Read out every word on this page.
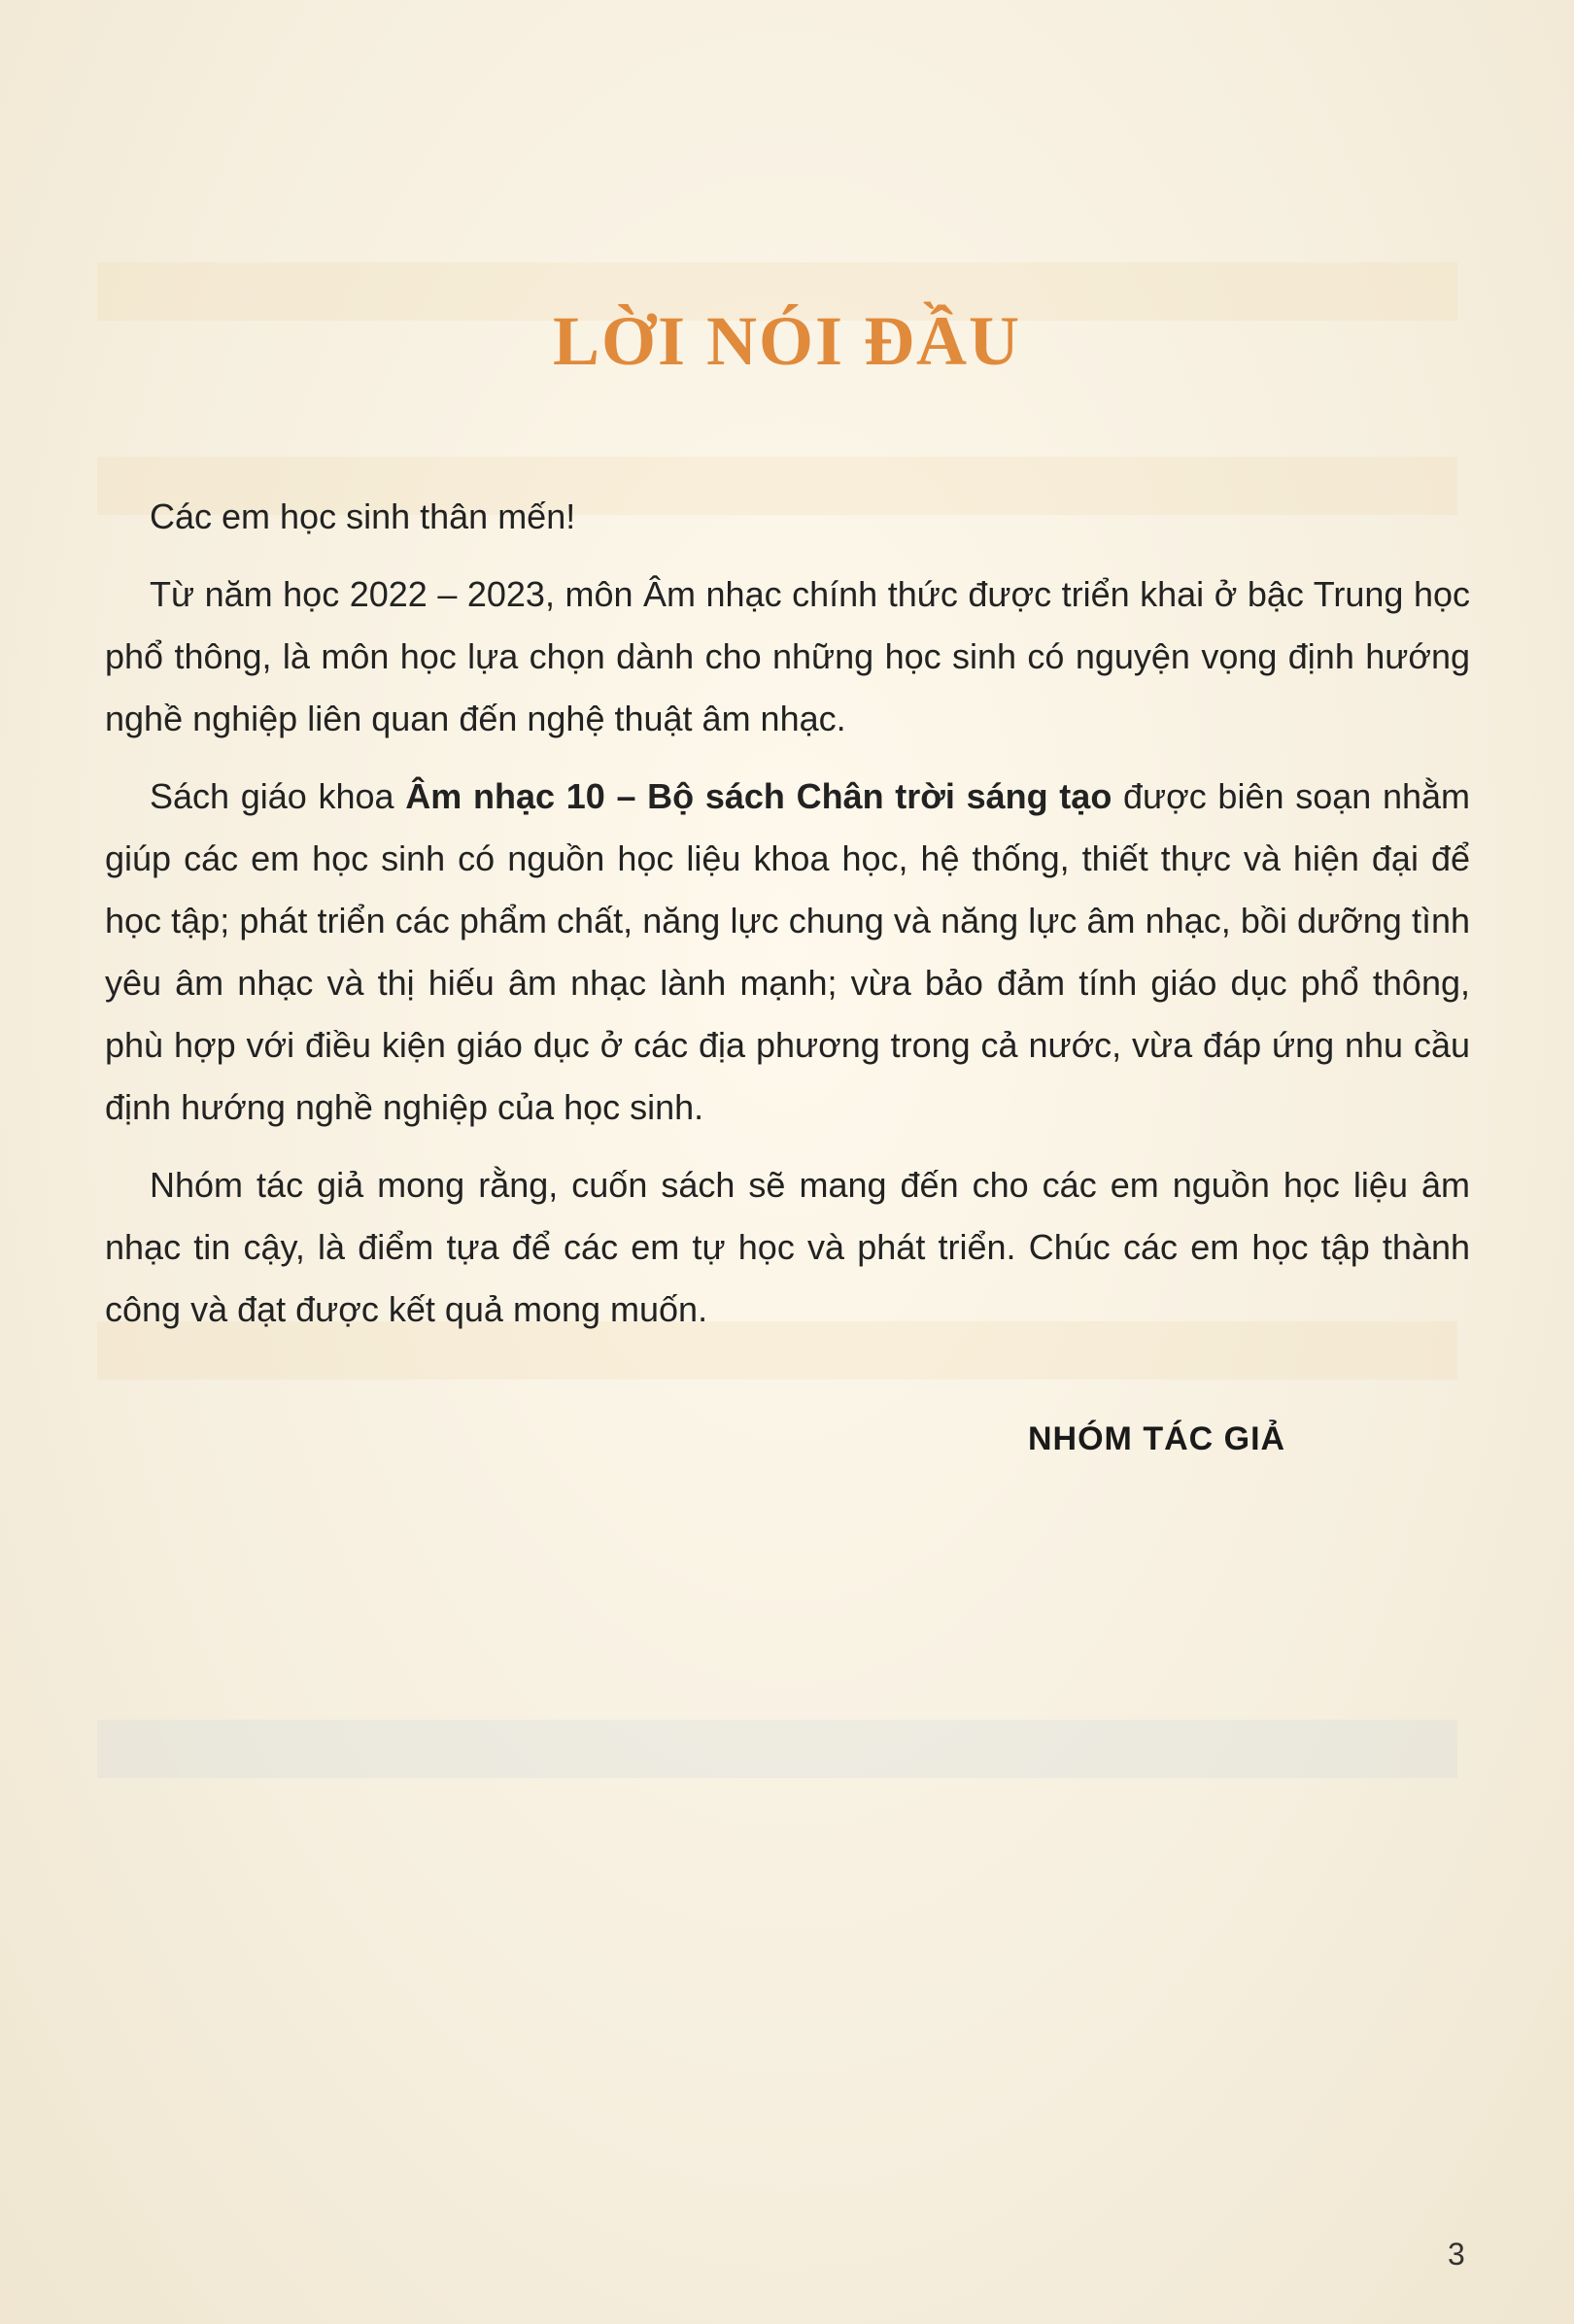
LỜI NÓI ĐẦU

Các em học sinh thân mến!

Từ năm học 2022 – 2023, môn Âm nhạc chính thức được triển khai ở bậc Trung học phổ thông, là môn học lựa chọn dành cho những học sinh có nguyện vọng định hướng nghề nghiệp liên quan đến nghệ thuật âm nhạc.

Sách giáo khoa Âm nhạc 10 – Bộ sách Chân trời sáng tạo được biên soạn nhằm giúp các em học sinh có nguồn học liệu khoa học, hệ thống, thiết thực và hiện đại để học tập; phát triển các phẩm chất, năng lực chung và năng lực âm nhạc, bồi dưỡng tình yêu âm nhạc và thị hiếu âm nhạc lành mạnh; vừa bảo đảm tính giáo dục phổ thông, phù hợp với điều kiện giáo dục ở các địa phương trong cả nước, vừa đáp ứng nhu cầu định hướng nghề nghiệp của học sinh.

Nhóm tác giả mong rằng, cuốn sách sẽ mang đến cho các em nguồn học liệu âm nhạc tin cậy, là điểm tựa để các em tự học và phát triển. Chúc các em học tập thành công và đạt được kết quả mong muốn.

NHÓM TÁC GIẢ
3
